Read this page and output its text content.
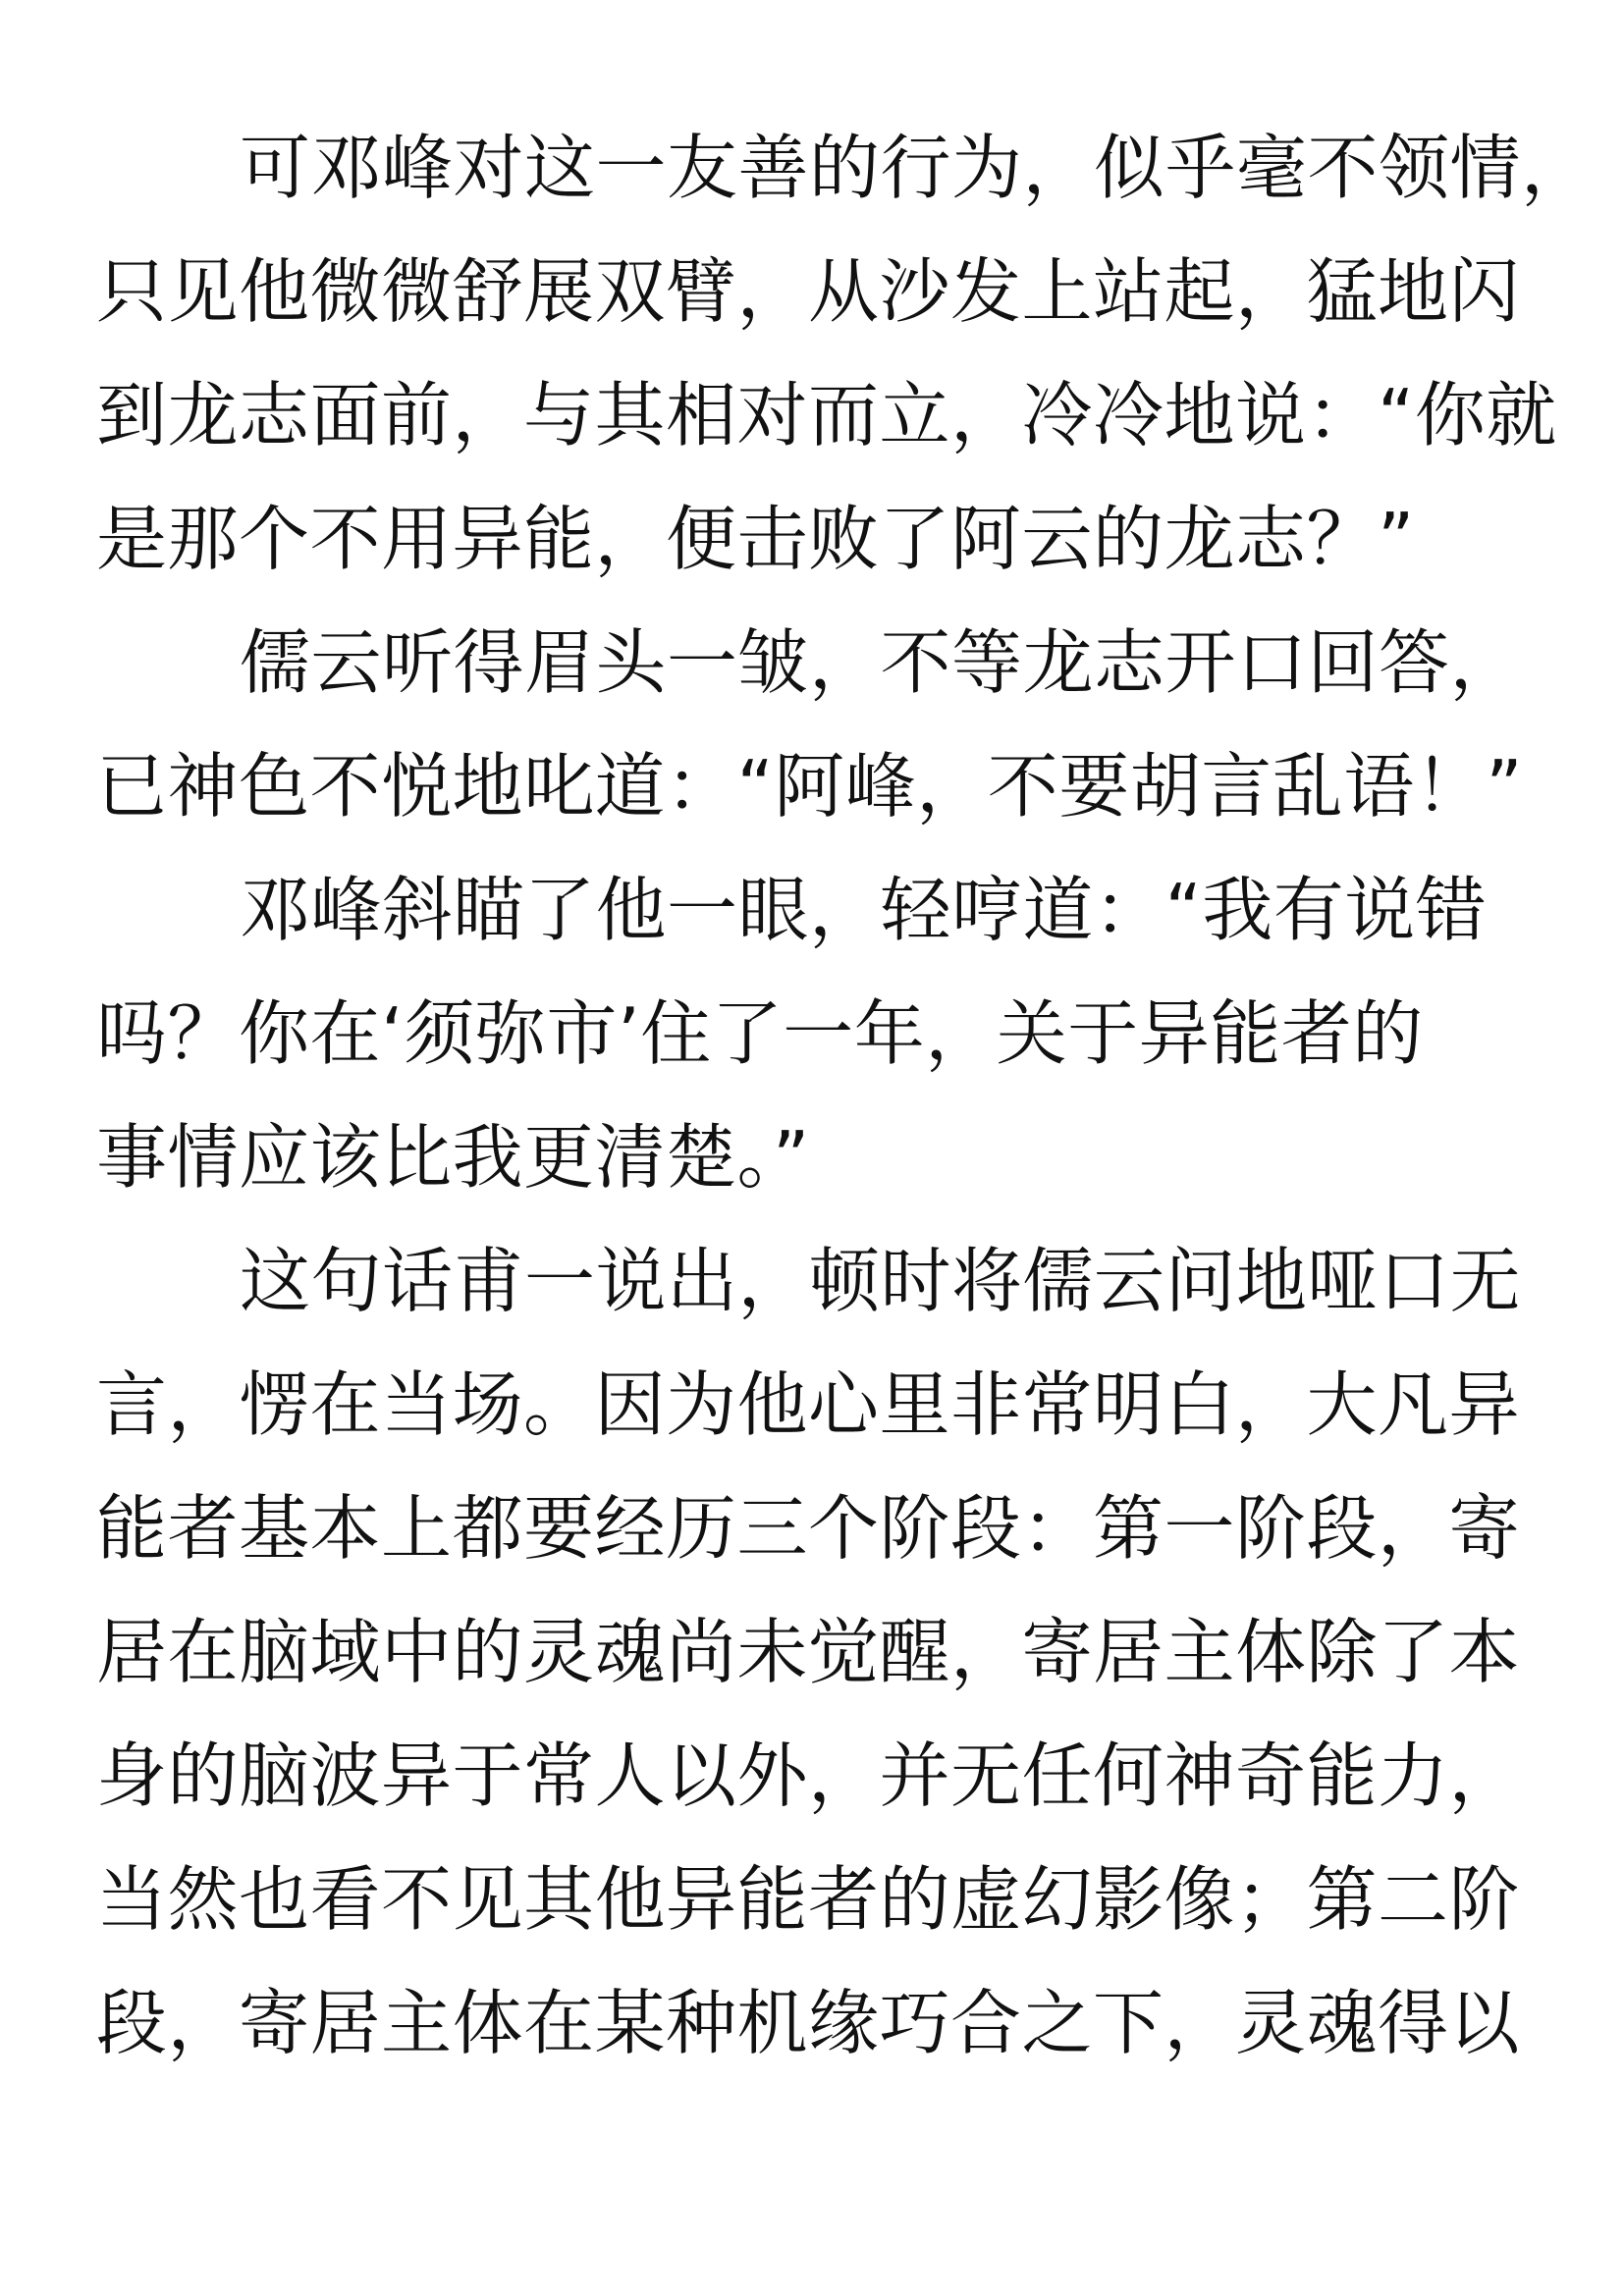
可邓峰对这一友善的行为，似乎毫不领情，
只见他微微舒展双臂，从沙发上站起，猛地闪
到龙志面前，与其相对而立，冷冷地说：“你就
是那个不用异能，便击败了阿云的龙志？”
儒云听得眉头一皱，不等龙志开口回答，
已神色不悦地叱道：“阿峰，不要胡言乱语！”
邓峰斜瞄了他一眼，轻哼道：“我有说错
吗？你在‘须弥市’住了一年，关于异能者的
事情应该比我更清楚。”
这句话甫一说出，顿时将儒云问地哑口无
言，愣在当场。因为他心里非常明白，大凡异
能者基本上都要经历三个阶段：第一阶段，寄
居在脑域中的灵魂尚未觉醒，寄居主体除了本
身的脑波异于常人以外，并无任何神奇能力，
当然也看不见其他异能者的虚幻影像；第二阶
段，寄居主体在某种机缘巧合之下，灵魂得以
